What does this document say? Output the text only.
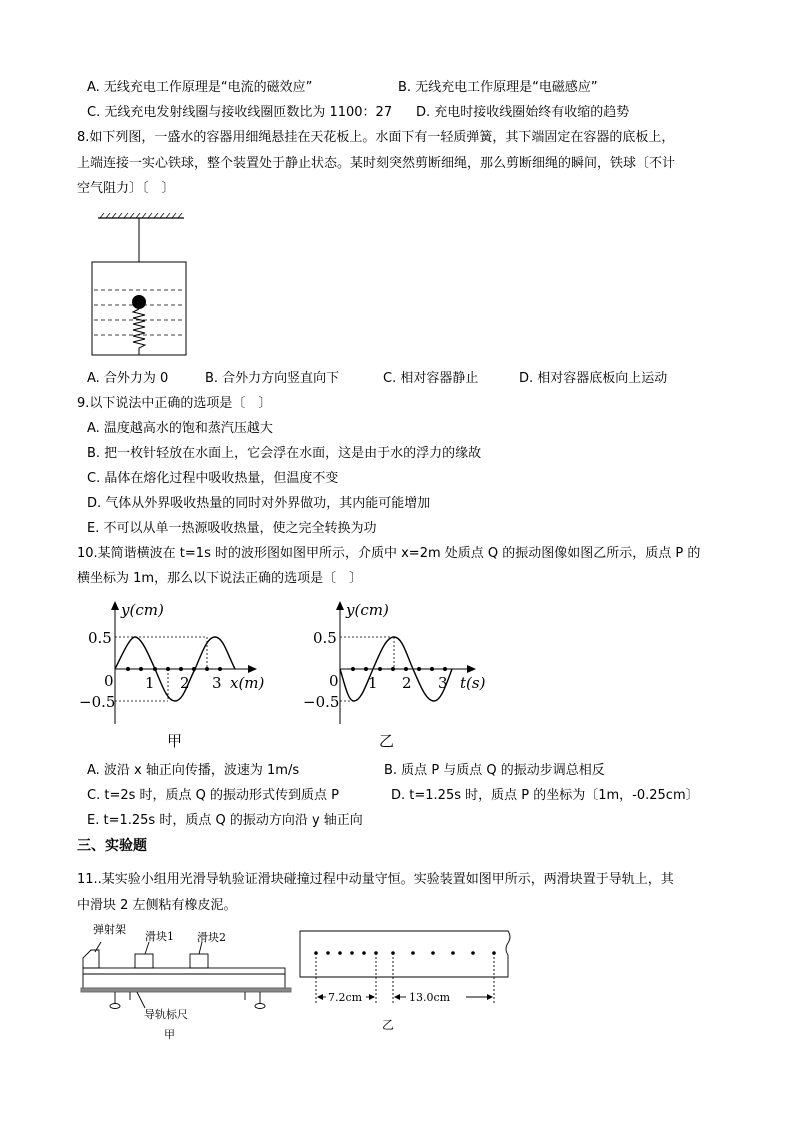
A. 无线充电工作原理是“电流的磁效应”	B. 无线充电工作原理是“电磁感应”
C. 无线充电发射线圈与接收线圈匝数比为 1100：27 D. 充电时接收线圈始终有收缩的趋势
8.如下列图，一盛水的容器用细绳悬挂在天花板上。水面下有一轻质弹簧，其下端固定在容器的底板上，
上端连接一实心铁球，整个装置处于静止状态。某时刻突然剪断细绳，那么剪断细绳的瞬间，铁球〔不计
空气阻力〕〔　〕
A. 合外力为 0	B. 合外力方向竖直向下	C. 相对容器静止	D. 相对容器底板向上运动
9.以下说法中正确的选项是〔　〕
A. 温度越高水的饱和蒸汽压越大
B. 把一枚针轻放在水面上，它会浮在水面，这是由于水的浮力的缘故
C. 晶体在熔化过程中吸收热量，但温度不变
D. 气体从外界吸收热量的同时对外界做功，其内能可能增加
E. 不可以从单一热源吸收热量，使之完全转换为功
10.某简谐横波在 t=1s 时的波形图如图甲所示，介质中 x=2m 处质点 Q 的振动图像如图乙所示，质点 P 的
横坐标为 1m，那么以下说法正确的选项是〔　〕
y(cm)
0.5
−0.5
0 1 2 3 x(m)
甲
y(cm)
0.5
−0.5
0 1 2 3 t(s)
乙
A. 波沿 x 轴正向传播，波速为 1m/s	B. 质点 P 与质点 Q 的振动步调总相反
C. t=2s 时，质点 Q 的振动形式传到质点 P	D. t=1.25s 时，质点 P 的坐标为〔1m，-0.25cm〕
E. t=1.25s 时，质点 Q 的振动方向沿 y 轴正向
三、实验题
11..某实验小组用光滑导轨验证滑块碰撞过程中动量守恒。实验装置如图甲所示，两滑块置于导轨上，其
中滑块 2 左侧粘有橡皮泥。
弹射架
滑块1 滑块2
导轨标尺
甲
7.2cm	13.0cm
乙
